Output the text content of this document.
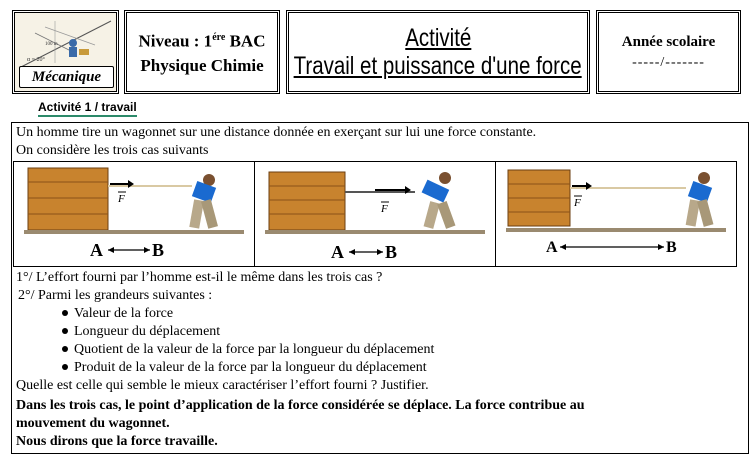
α = 20°
100 m
Mécanique
Niveau : $1^{ére}$ BAC
Physique Chimie
Activité
Travail et puissance d'une force
Année scolaire
-----/-------
Activité 1 / travail
Un homme tire un wagonnet sur une distance donnée en exerçant sur lui une force constante.
On considère les trois cas suivants
F
A	B
F
A B
F
A	B
1°/ L’effort fourni par l’homme est-il le même dans les trois cas ?
2°/ Parmi les grandeurs suivantes :
Valeur de la force
Longueur du déplacement
Quotient de la valeur de la force par la longueur du déplacement
Produit de la valeur de la force par la longueur du déplacement
Quelle est celle qui semble le mieux caractériser l’effort fourni ? Justifier.
Dans les trois cas, le point d’application de la force considérée se déplace. La force contribue au
mouvement du wagonnet.
Nous dirons que la force travaille.
